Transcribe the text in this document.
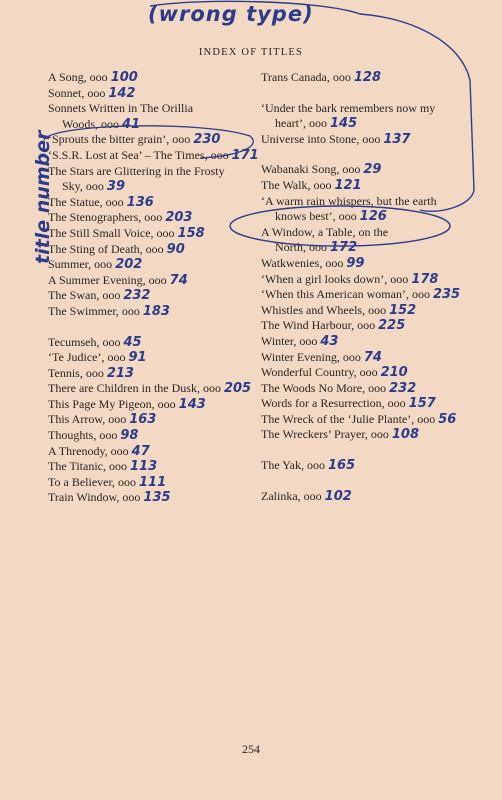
(wrong type)
INDEX OF TITLES
title number
A Song, ooo 100
Sonnet, ooo 142
Sonnets Written in The Orillia
Woods, ooo 41
‘Sprouts the bitter grain’, ooo 230
‘S.S.R. Lost at Sea’ – The Times, ooo 171
The Stars are Glittering in the Frosty
Sky, ooo 39
The Statue, ooo 136
The Stenographers, ooo 203
The Still Small Voice, ooo 158
The Sting of Death, ooo 90
Summer, ooo 202
A Summer Evening, ooo 74
The Swan, ooo 232
The Swimmer, ooo 183
Tecumseh, ooo 45
‘Te Judice’, ooo 91
Tennis, ooo 213
There are Children in the Dusk, ooo 205
This Page My Pigeon, ooo 143
This Arrow, ooo 163
Thoughts, ooo 98
A Threnody, ooo 47
The Titanic, ooo 113
To a Believer, ooo 111
Train Window, ooo 135
Trans Canada, ooo 128
‘Under the bark remembers now my
heart’, ooo 145
Universe into Stone, ooo 137
Wabanaki Song, ooo 29
The Walk, ooo 121
‘A warm rain whispers, but the earth
knows best’, ooo 126
A Window, a Table, on the
North, ooo 172
Watkwenies, ooo 99
‘When a girl looks down’, ooo 178
‘When this American woman’, ooo 235
Whistles and Wheels, ooo 152
The Wind Harbour, ooo 225
Winter, ooo 43
Winter Evening, ooo 74
Wonderful Country, ooo 210
The Woods No More, ooo 232
Words for a Resurrection, ooo 157
The Wreck of the ‘Julie Plante’, ooo 56
The Wreckers’ Prayer, ooo 108
The Yak, ooo 165
Zalinka, ooo 102
254
